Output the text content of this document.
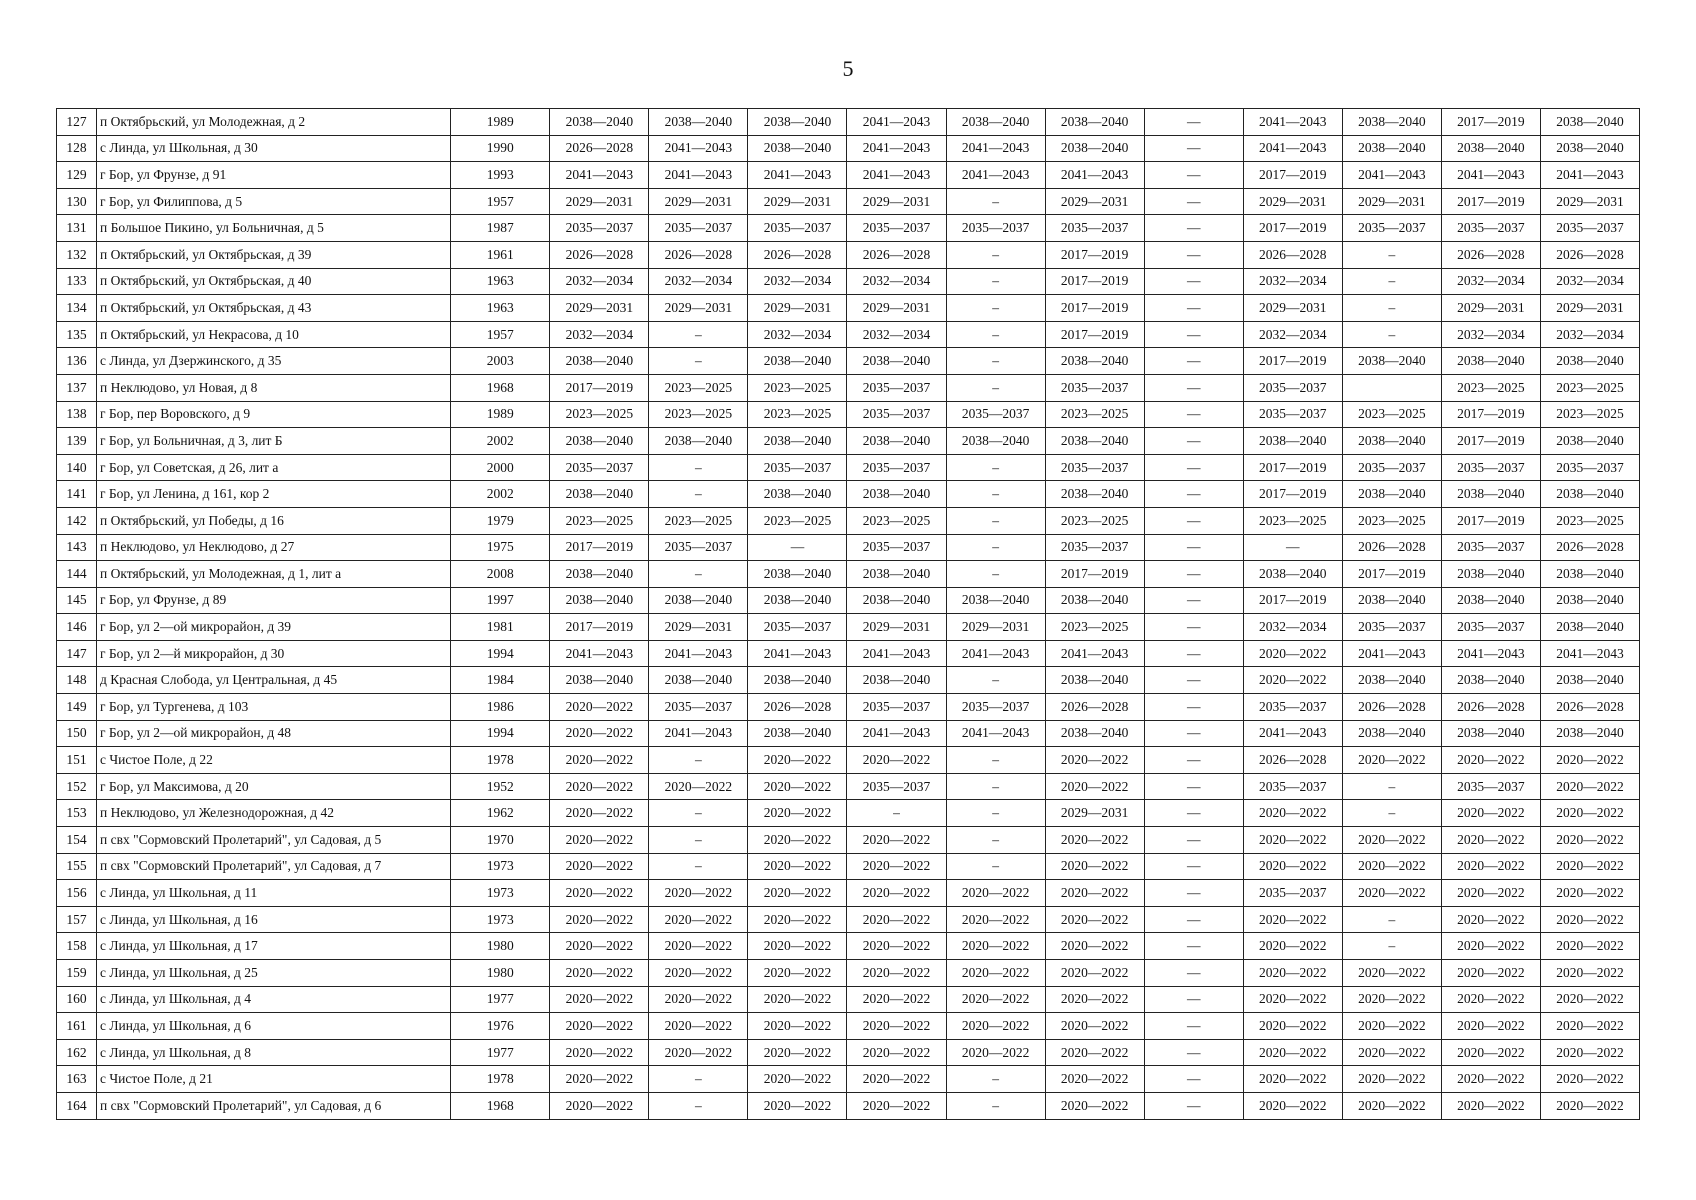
5
127	п Октябрьский, ул Молодежная, д 2	1989	2038—2040	2038—2040	2038—2040	2041—2043	2038—2040	2038—2040	—	2041—2043	2038—2040	2017—2019	2038—2040
128	с Линда, ул Школьная, д 30	1990	2026—2028	2041—2043	2038—2040	2041—2043	2041—2043	2038—2040	—	2041—2043	2038—2040	2038—2040	2038—2040
129	г Бор, ул Фрунзе, д 91	1993	2041—2043	2041—2043	2041—2043	2041—2043	2041—2043	2041—2043	—	2017—2019	2041—2043	2041—2043	2041—2043
130	г Бор, ул Филиппова, д 5	1957	2029—2031	2029—2031	2029—2031	2029—2031	–	2029—2031	—	2029—2031	2029—2031	2017—2019	2029—2031
131	п Большое Пикино, ул Больничная, д 5	1987	2035—2037	2035—2037	2035—2037	2035—2037	2035—2037	2035—2037	—	2017—2019	2035—2037	2035—2037	2035—2037
132	п Октябрьский, ул Октябрьская, д 39	1961	2026—2028	2026—2028	2026—2028	2026—2028	–	2017—2019	—	2026—2028	–	2026—2028	2026—2028
133	п Октябрьский, ул Октябрьская, д 40	1963	2032—2034	2032—2034	2032—2034	2032—2034	–	2017—2019	—	2032—2034	–	2032—2034	2032—2034
134	п Октябрьский, ул Октябрьская, д 43	1963	2029—2031	2029—2031	2029—2031	2029—2031	–	2017—2019	—	2029—2031	–	2029—2031	2029—2031
135	п Октябрьский, ул Некрасова, д 10	1957	2032—2034	–	2032—2034	2032—2034	–	2017—2019	—	2032—2034	–	2032—2034	2032—2034
136	с Линда, ул Дзержинского, д 35	2003	2038—2040	–	2038—2040	2038—2040	–	2038—2040	—	2017—2019	2038—2040	2038—2040	2038—2040
137	п Неклюдово, ул Новая, д 8	1968	2017—2019	2023—2025	2023—2025	2035—2037	–	2035—2037	—	2035—2037		2023—2025	2023—2025
138	г Бор, пер Воровского, д 9	1989	2023—2025	2023—2025	2023—2025	2035—2037	2035—2037	2023—2025	—	2035—2037	2023—2025	2017—2019	2023—2025
139	г Бор, ул Больничная, д 3, лит Б	2002	2038—2040	2038—2040	2038—2040	2038—2040	2038—2040	2038—2040	—	2038—2040	2038—2040	2017—2019	2038—2040
140	г Бор, ул Советская, д 26, лит а	2000	2035—2037	–	2035—2037	2035—2037	–	2035—2037	—	2017—2019	2035—2037	2035—2037	2035—2037
141	г Бор, ул Ленина, д 161, кор 2	2002	2038—2040	–	2038—2040	2038—2040	–	2038—2040	—	2017—2019	2038—2040	2038—2040	2038—2040
142	п Октябрьский, ул Победы, д 16	1979	2023—2025	2023—2025	2023—2025	2023—2025	–	2023—2025	—	2023—2025	2023—2025	2017—2019	2023—2025
143	п Неклюдово, ул Неклюдово, д 27	1975	2017—2019	2035—2037	—	2035—2037	–	2035—2037	—	—	2026—2028	2035—2037	2026—2028
144	п Октябрьский, ул Молодежная, д 1, лит а	2008	2038—2040	–	2038—2040	2038—2040	–	2017—2019	—	2038—2040	2017—2019	2038—2040	2038—2040
145	г Бор, ул Фрунзе, д 89	1997	2038—2040	2038—2040	2038—2040	2038—2040	2038—2040	2038—2040	—	2017—2019	2038—2040	2038—2040	2038—2040
146	г Бор, ул 2—ой микрорайон, д 39	1981	2017—2019	2029—2031	2035—2037	2029—2031	2029—2031	2023—2025	—	2032—2034	2035—2037	2035—2037	2038—2040
147	г Бор, ул 2—й микрорайон, д 30	1994	2041—2043	2041—2043	2041—2043	2041—2043	2041—2043	2041—2043	—	2020—2022	2041—2043	2041—2043	2041—2043
148	д Красная Слобода, ул Центральная, д 45	1984	2038—2040	2038—2040	2038—2040	2038—2040	–	2038—2040	—	2020—2022	2038—2040	2038—2040	2038—2040
149	г Бор, ул Тургенева, д 103	1986	2020—2022	2035—2037	2026—2028	2035—2037	2035—2037	2026—2028	—	2035—2037	2026—2028	2026—2028	2026—2028
150	г Бор, ул 2—ой микрорайон, д 48	1994	2020—2022	2041—2043	2038—2040	2041—2043	2041—2043	2038—2040	—	2041—2043	2038—2040	2038—2040	2038—2040
151	с Чистое Поле, д 22	1978	2020—2022	–	2020—2022	2020—2022	–	2020—2022	—	2026—2028	2020—2022	2020—2022	2020—2022
152	г Бор, ул Максимова, д 20	1952	2020—2022	2020—2022	2020—2022	2035—2037	–	2020—2022	—	2035—2037	–	2035—2037	2020—2022
153	п Неклюдово, ул Железнодорожная, д 42	1962	2020—2022	–	2020—2022	–	–	2029—2031	—	2020—2022	–	2020—2022	2020—2022
154	п свх "Сормовский Пролетарий", ул Садовая, д 5	1970	2020—2022	–	2020—2022	2020—2022	–	2020—2022	—	2020—2022	2020—2022	2020—2022	2020—2022
155	п свх "Сормовский Пролетарий", ул Садовая, д 7	1973	2020—2022	–	2020—2022	2020—2022	–	2020—2022	—	2020—2022	2020—2022	2020—2022	2020—2022
156	с Линда, ул Школьная, д 11	1973	2020—2022	2020—2022	2020—2022	2020—2022	2020—2022	2020—2022	—	2035—2037	2020—2022	2020—2022	2020—2022
157	с Линда, ул Школьная, д 16	1973	2020—2022	2020—2022	2020—2022	2020—2022	2020—2022	2020—2022	—	2020—2022	–	2020—2022	2020—2022
158	с Линда, ул Школьная, д 17	1980	2020—2022	2020—2022	2020—2022	2020—2022	2020—2022	2020—2022	—	2020—2022	–	2020—2022	2020—2022
159	с Линда, ул Школьная, д 25	1980	2020—2022	2020—2022	2020—2022	2020—2022	2020—2022	2020—2022	—	2020—2022	2020—2022	2020—2022	2020—2022
160	с Линда, ул Школьная, д 4	1977	2020—2022	2020—2022	2020—2022	2020—2022	2020—2022	2020—2022	—	2020—2022	2020—2022	2020—2022	2020—2022
161	с Линда, ул Школьная, д 6	1976	2020—2022	2020—2022	2020—2022	2020—2022	2020—2022	2020—2022	—	2020—2022	2020—2022	2020—2022	2020—2022
162	с Линда, ул Школьная, д 8	1977	2020—2022	2020—2022	2020—2022	2020—2022	2020—2022	2020—2022	—	2020—2022	2020—2022	2020—2022	2020—2022
163	с Чистое Поле, д 21	1978	2020—2022	–	2020—2022	2020—2022	–	2020—2022	—	2020—2022	2020—2022	2020—2022	2020—2022
164	п свх "Сормовский Пролетарий", ул Садовая, д 6	1968	2020—2022	–	2020—2022	2020—2022	–	2020—2022	—	2020—2022	2020—2022	2020—2022	2020—2022
